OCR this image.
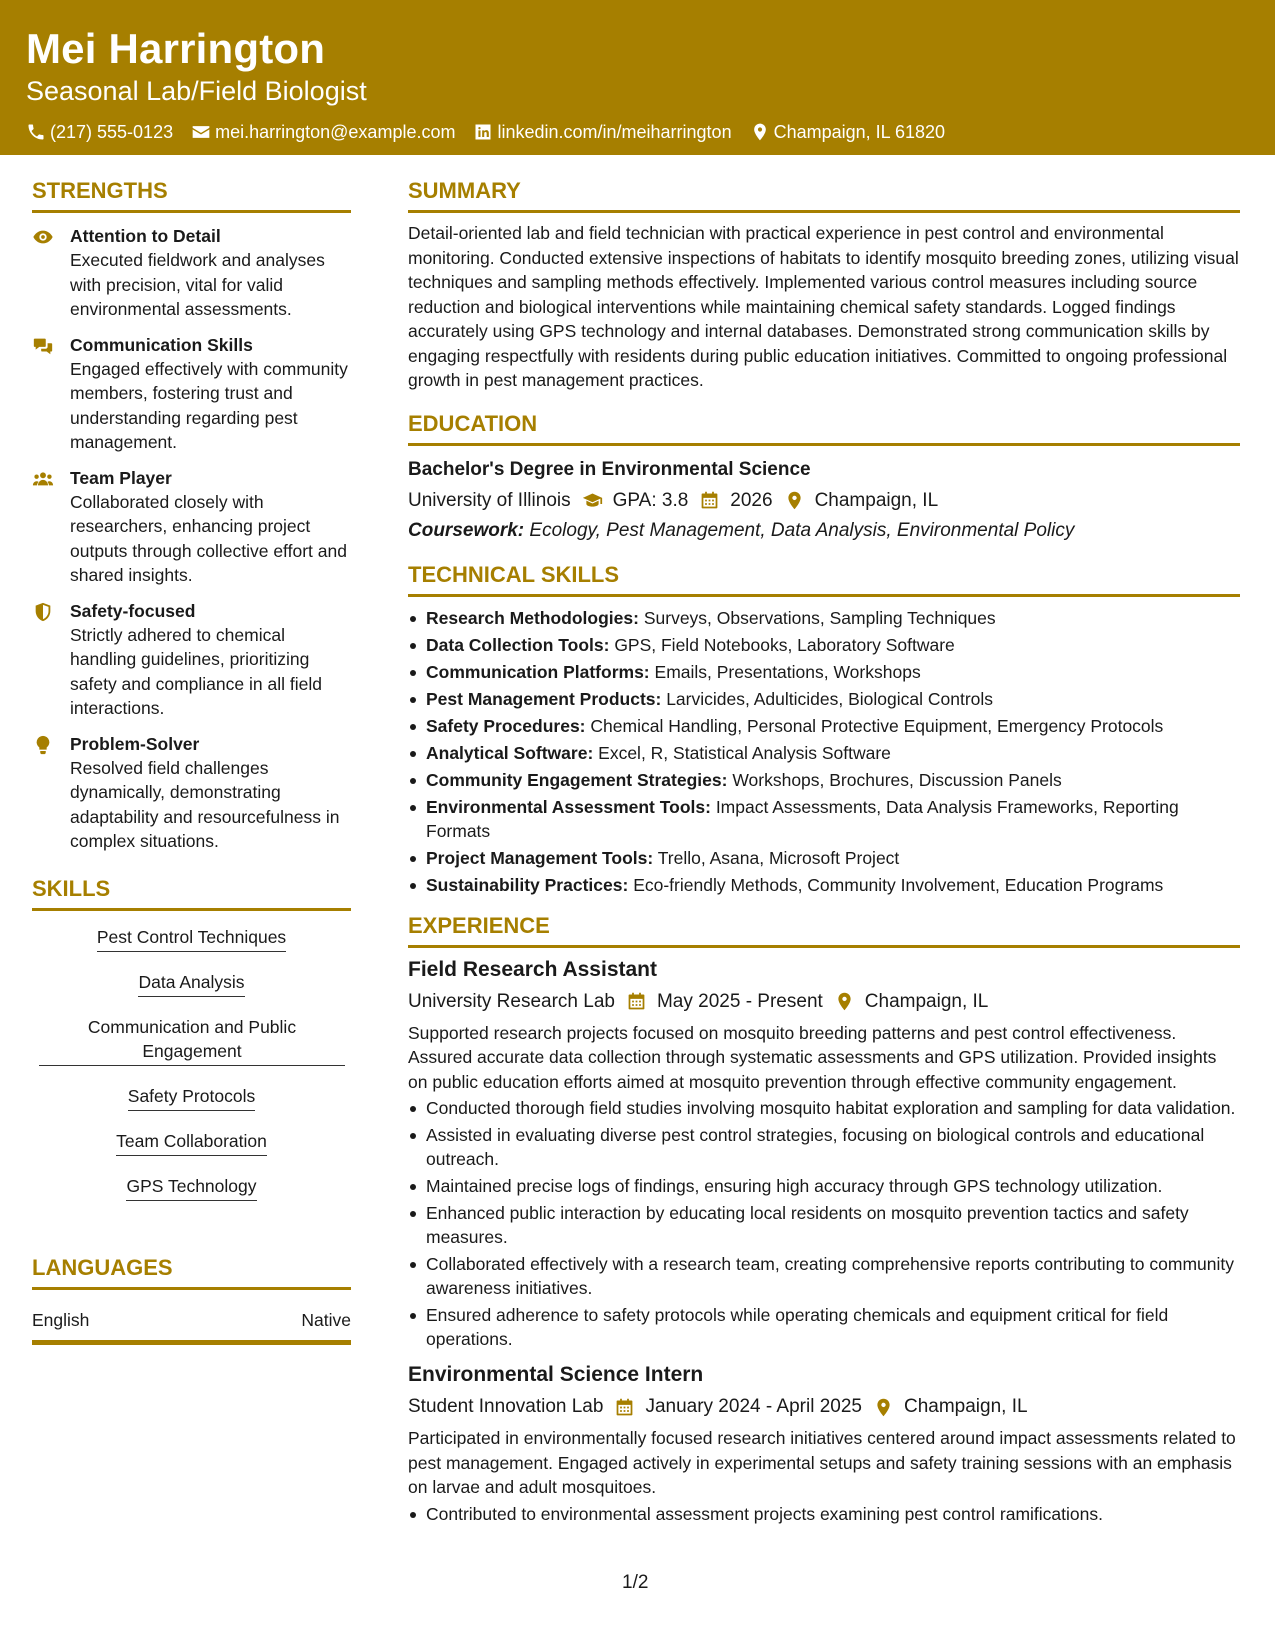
Mei Harrington
Seasonal Lab/Field Biologist
(217) 555-0123 mei.harrington@example.com linkedin.com/in/meiharrington Champaign, IL 61820
STRENGTHS
Attention to Detail
Executed fieldwork and analyses with precision, vital for valid environmental assessments.
Communication Skills
Engaged effectively with community members, fostering trust and understanding regarding pest management.
Team Player
Collaborated closely with researchers, enhancing project outputs through collective effort and shared insights.
Safety-focused
Strictly adhered to chemical handling guidelines, prioritizing safety and compliance in all field interactions.
Problem-Solver
Resolved field challenges dynamically, demonstrating adaptability and resourcefulness in complex situations.
SKILLS
Pest Control Techniques
Data Analysis
Communication and Public Engagement
Safety Protocols
Team Collaboration
GPS Technology
LANGUAGES
English	Native
SUMMARY
Detail-oriented lab and field technician with practical experience in pest control and environmental monitoring. Conducted extensive inspections of habitats to identify mosquito breeding zones, utilizing visual techniques and sampling methods effectively. Implemented various control measures including source reduction and biological interventions while maintaining chemical safety standards. Logged findings accurately using GPS technology and internal databases. Demonstrated strong communication skills by engaging respectfully with residents during public education initiatives. Committed to ongoing professional growth in pest management practices.
EDUCATION
Bachelor's Degree in Environmental Science
University of Illinois GPA: 3.8 2026 Champaign, IL
Coursework: Ecology, Pest Management, Data Analysis, Environmental Policy
TECHNICAL SKILLS
Research Methodologies: Surveys, Observations, Sampling Techniques
Data Collection Tools: GPS, Field Notebooks, Laboratory Software
Communication Platforms: Emails, Presentations, Workshops
Pest Management Products: Larvicides, Adulticides, Biological Controls
Safety Procedures: Chemical Handling, Personal Protective Equipment, Emergency Protocols
Analytical Software: Excel, R, Statistical Analysis Software
Community Engagement Strategies: Workshops, Brochures, Discussion Panels
Environmental Assessment Tools: Impact Assessments, Data Analysis Frameworks, Reporting Formats
Project Management Tools: Trello, Asana, Microsoft Project
Sustainability Practices: Eco-friendly Methods, Community Involvement, Education Programs
EXPERIENCE
Field Research Assistant
University Research Lab May 2025 - Present Champaign, IL
Supported research projects focused on mosquito breeding patterns and pest control effectiveness. Assured accurate data collection through systematic assessments and GPS utilization. Provided insights on public education efforts aimed at mosquito prevention through effective community engagement.
Conducted thorough field studies involving mosquito habitat exploration and sampling for data validation.
Assisted in evaluating diverse pest control strategies, focusing on biological controls and educational outreach.
Maintained precise logs of findings, ensuring high accuracy through GPS technology utilization.
Enhanced public interaction by educating local residents on mosquito prevention tactics and safety measures.
Collaborated effectively with a research team, creating comprehensive reports contributing to community awareness initiatives.
Ensured adherence to safety protocols while operating chemicals and equipment critical for field operations.
Environmental Science Intern
Student Innovation Lab January 2024 - April 2025 Champaign, IL
Participated in environmentally focused research initiatives centered around impact assessments related to pest management. Engaged actively in experimental setups and safety training sessions with an emphasis on larvae and adult mosquitoes.
Contributed to environmental assessment projects examining pest control ramifications.
1/2
